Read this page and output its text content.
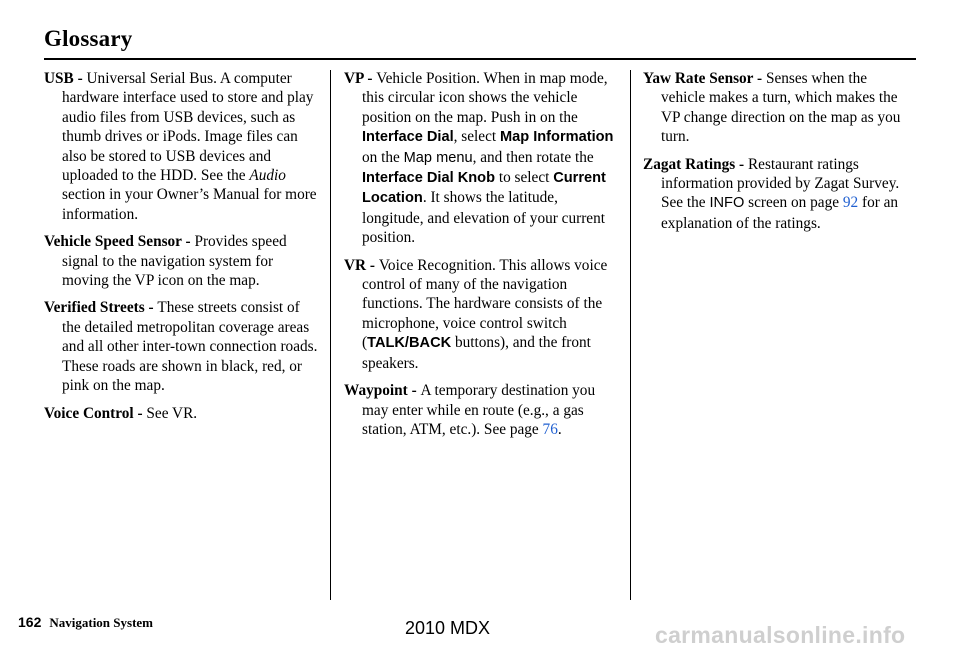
Glossary

USB - Universal Serial Bus. A computer hardware interface used to store and play audio files from USB devices, such as thumb drives or iPods. Image files can also be stored to USB devices and uploaded to the HDD. See the Audio section in your Owner’s Manual for more information.

Vehicle Speed Sensor - Provides speed signal to the navigation system for moving the VP icon on the map.

Verified Streets - These streets consist of the detailed metropolitan coverage areas and all other inter-town connection roads. These roads are shown in black, red, or pink on the map.

Voice Control - See VR.

VP - Vehicle Position. When in map mode, this circular icon shows the vehicle position on the map. Push in on the Interface Dial, select Map Information on the Map menu, and then rotate the Interface Dial Knob to select Current Location. It shows the latitude, longitude, and elevation of your current position.

VR - Voice Recognition. This allows voice control of many of the navigation functions. The hardware consists of the microphone, voice control switch (TALK/BACK buttons), and the front speakers.

Waypoint - A temporary destination you may enter while en route (e.g., a gas station, ATM, etc.). See page 76.

Yaw Rate Sensor - Senses when the vehicle makes a turn, which makes the VP change direction on the map as you turn.

Zagat Ratings - Restaurant ratings information provided by Zagat Survey. See the INFO screen on page 92 for an explanation of the ratings.

162 Navigation System	2010 MDX	carmanualsonline.info
